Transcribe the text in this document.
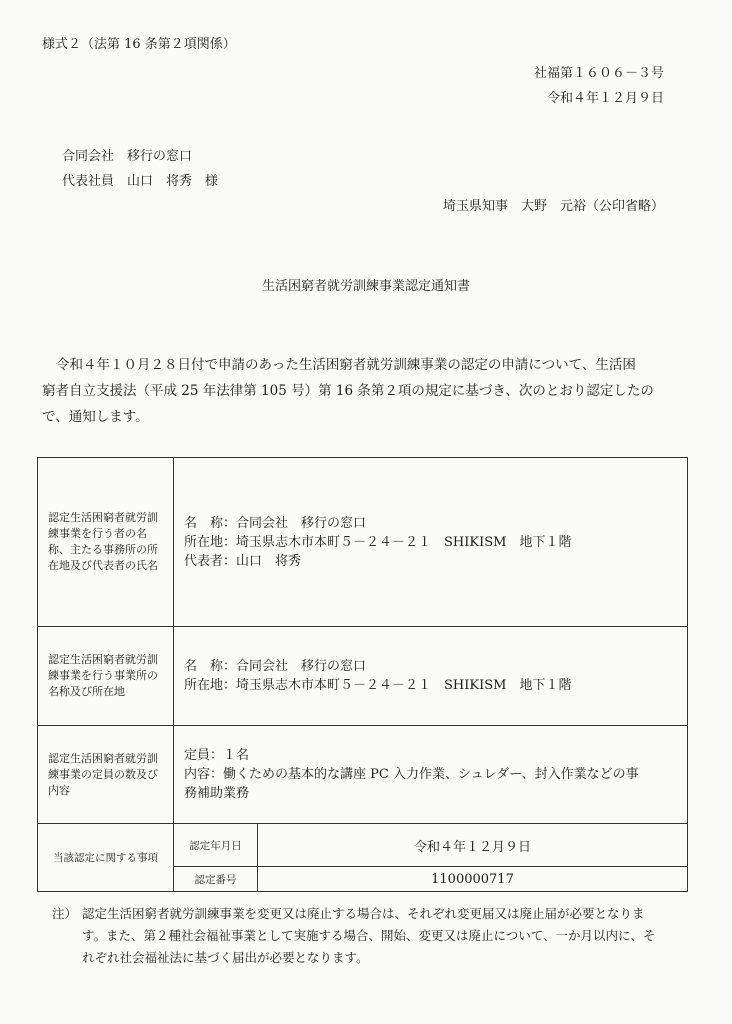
様式２（法第 16 条第２項関係）
社福第１６０６－３号
令和４年１２月９日
合同会社　移行の窓口
代表社員　山口　将秀　様
埼玉県知事　大野　元裕（公印省略）
生活困窮者就労訓練事業認定通知書
令和４年１０月２８日付で申請のあった生活困窮者就労訓練事業の認定の申請について、生活困
窮者自立支援法（平成 25 年法律第 105 号）第 16 条第２項の規定に基づき、次のとおり認定したの
で、通知します。
認定生活困窮者就労訓
練事業を行う者の名
称、主たる事務所の所
在地及び代表者の氏名	名　称：合同会社　移行の窓口
所在地：埼玉県志木市本町５－２４－２１　SHIKISM　地下１階
代表者：山口　将秀	

認定生活困窮者就労訓
練事業を行う事業所の
名称及び所在地	名　称：合同会社　移行の窓口
所在地：埼玉県志木市本町５－２４－２１　SHIKISM　地下１階	

認定生活困窮者就労訓
練事業の定員の数及び
内容	定員：１名
内容：働くための基本的な講座 PC 入力作業、シュレダー、封入作業などの事
務補助業務	

当該認定に関する事項	認定年月日	令和４年１２月９日
	認定番号	1100000717
注） 認定生活困窮者就労訓練事業を変更又は廃止する場合は、それぞれ変更届又は廃止届が必要となりま
す。また、第２種社会福祉事業として実施する場合、開始、変更又は廃止について、一か月以内に、そ
れぞれ社会福祉法に基づく届出が必要となります。
